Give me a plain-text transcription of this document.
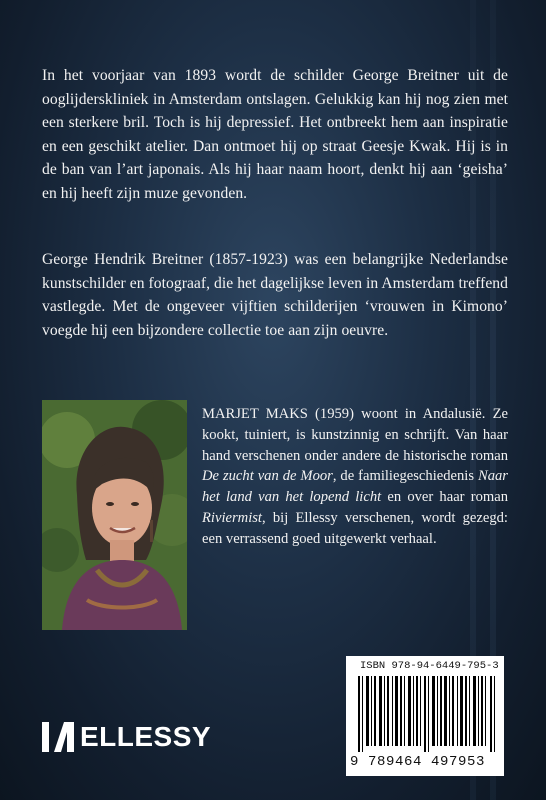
In het voorjaar van 1893 wordt de schilder George Breitner uit de ooglijderskliniek in Amsterdam ontslagen. Gelukkig kan hij nog zien met een sterkere bril. Toch is hij depressief. Het ontbreekt hem aan inspiratie en een geschikt atelier. Dan ontmoet hij op straat Geesje Kwak. Hij is in de ban van l’art japonais. Als hij haar naam hoort, denkt hij aan ‘geisha’ en hij heeft zijn muze gevonden.

George Hendrik Breitner (1857-1923) was een belangrijke Nederlandse kunstschilder en fotograaf, die het dagelijkse leven in Amsterdam treffend vastlegde. Met de ongeveer vijftien schilderijen ‘vrouwen in Kimono’ voegde hij een bijzondere collectie toe aan zijn oeuvre.

MARJET MAKS (1959) woont in Andalusië. Ze kookt, tuiniert, is kunstzinnig en schrijft. Van haar hand verschenen onder andere de historische roman De zucht van de Moor, de familiegeschiedenis Naar het land van het lopend licht en over haar roman Riviermist, bij Ellessy verschenen, wordt gezegd: een verrassend goed uitgewerkt verhaal.

ELLESSY
ISBN 978-94-6449-795-3
9 789464 497953
